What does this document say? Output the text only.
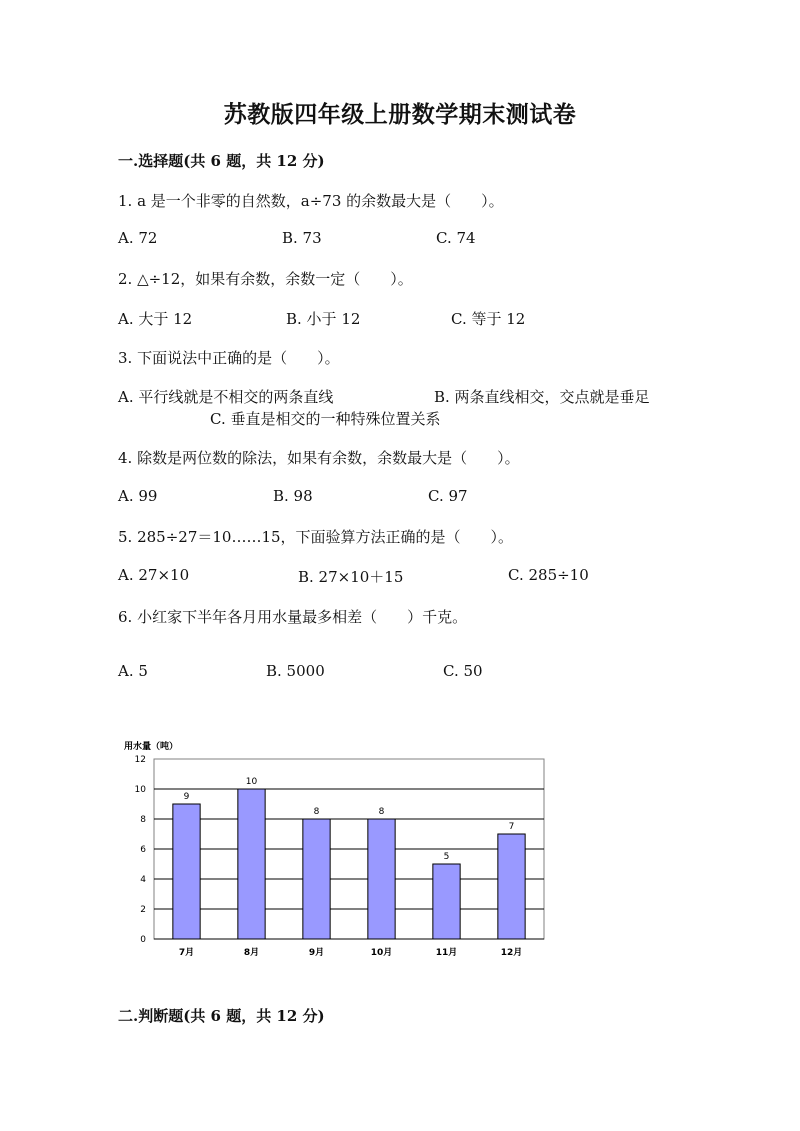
苏教版四年级上册数学期末测试卷
一.选择题(共 6 题，共 12 分)
1. a 是一个非零的自然数，a÷73 的余数最大是（　　）。
A. 72	B. 73	C. 74
2. △÷12，如果有余数，余数一定（　　）。
A. 大于 12	B. 小于 12	C. 等于 12
3. 下面说法中正确的是（　　）。
A. 平行线就是不相交的两条直线	B. 两条直线相交，交点就是垂足
C. 垂直是相交的一种特殊位置关系
4. 除数是两位数的除法，如果有余数，余数最大是（　　）。
A. 99	B. 98	C. 97
5. 285÷27＝10……15，下面验算方法正确的是（　　）。
A. 27×10	B. 27×10＋15	C. 285÷10
6. 小红家下半年各月用水量最多相差（　　）千克。
A. 5	B. 5000	C. 50
0
2
4
6
8
10
12
9
10
8	8
5
7
7月	8月	9月	10月	11月	12月
用水量（吨）
二.判断题(共 6 题，共 12 分)
